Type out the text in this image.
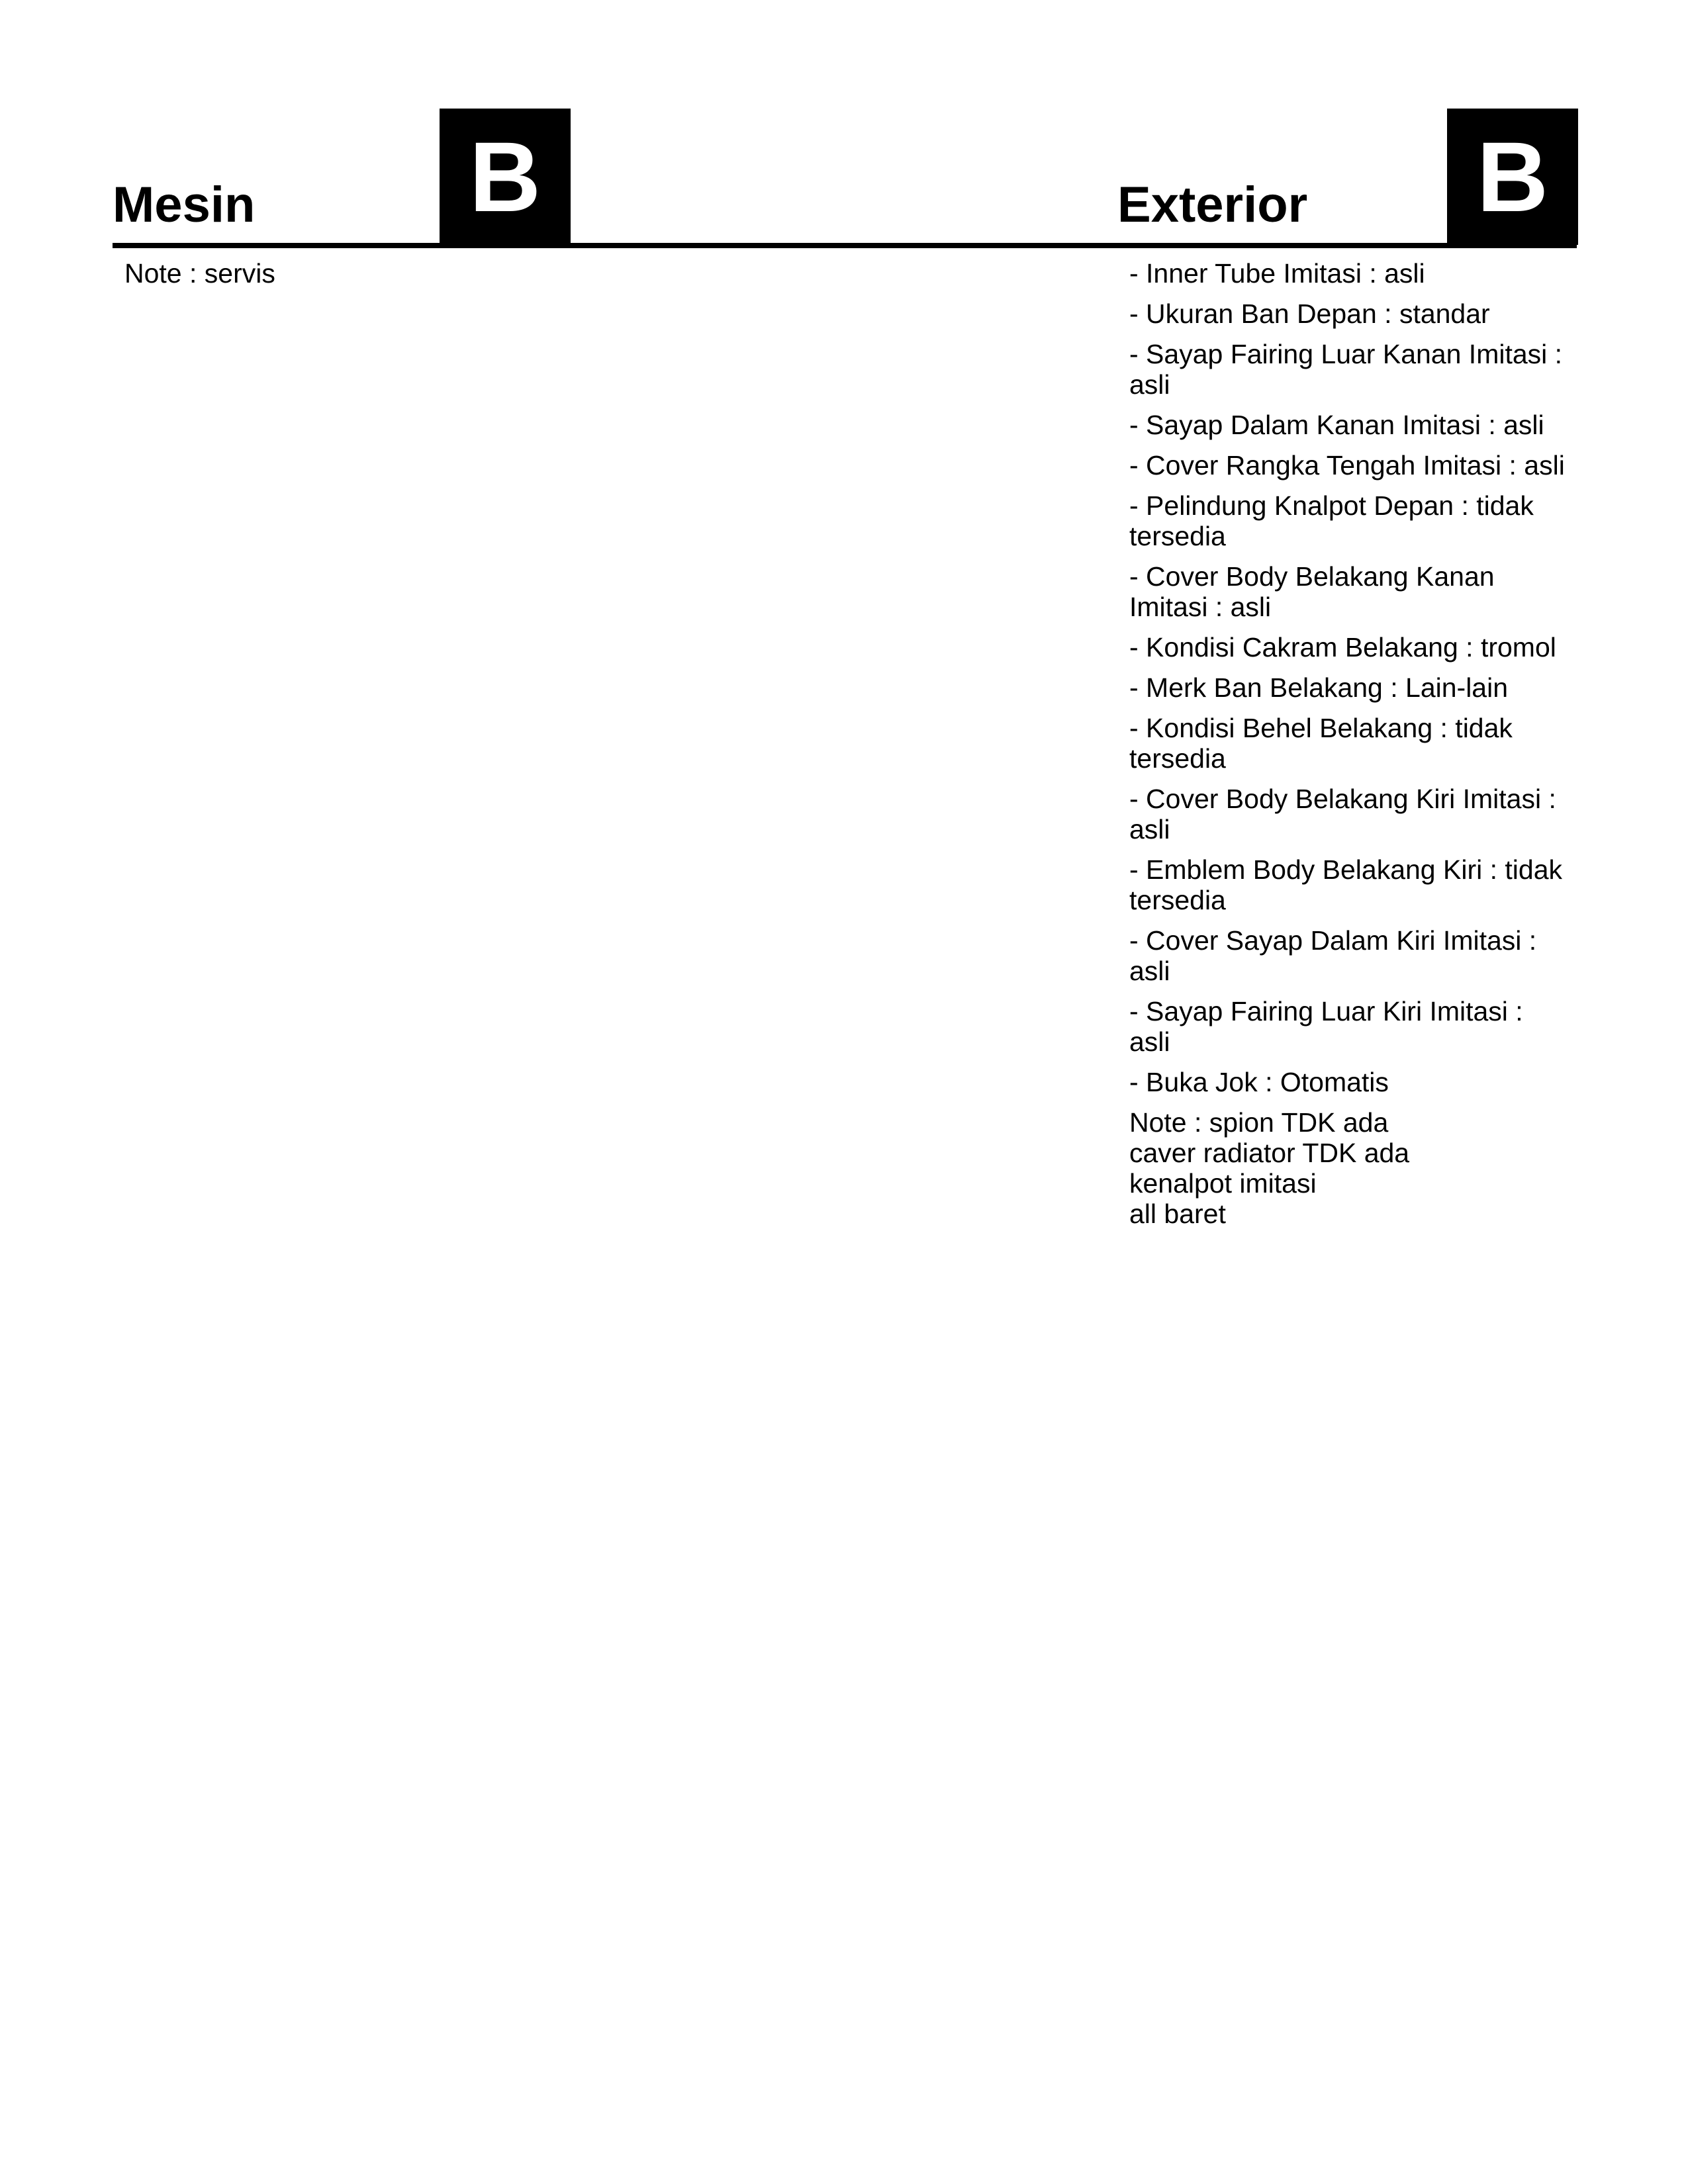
Mesin B
Note : servis
Exterior B
- Inner Tube Imitasi : asli
- Ukuran Ban Depan : standar
- Sayap Fairing Luar Kanan Imitasi : asli
- Sayap Dalam Kanan Imitasi : asli
- Cover Rangka Tengah Imitasi : asli
- Pelindung Knalpot Depan : tidak tersedia
- Cover Body Belakang Kanan Imitasi : asli
- Kondisi Cakram Belakang : tromol
- Merk Ban Belakang : Lain-lain
- Kondisi Behel Belakang : tidak tersedia
- Cover Body Belakang Kiri Imitasi : asli
- Emblem Body Belakang Kiri : tidak tersedia
- Cover Sayap Dalam Kiri Imitasi : asli
- Sayap Fairing Luar Kiri Imitasi : asli
- Buka Jok : Otomatis
Note : spion TDK ada
caver radiator TDK ada
kenalpot imitasi
all baret
